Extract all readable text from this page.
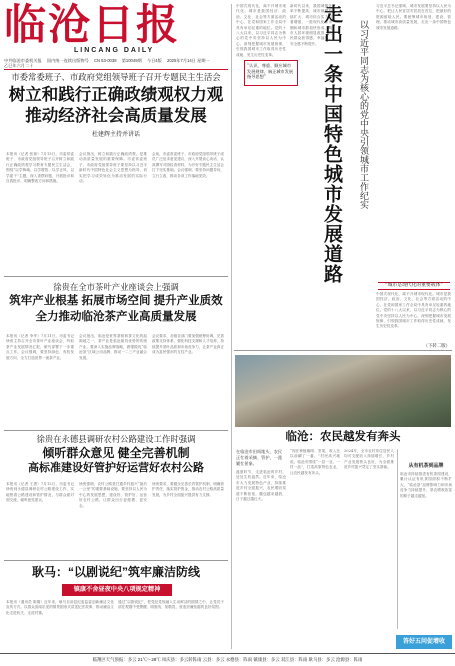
临沧日报
LINCANG DAILY
中共临沧市委机关报 国内统一连续出版物号 CN 53-0038 第10049期 今日4版 2025年7月14日 星期一 乙巳年六月二十
市委常委班子、市政府党组领导班子召开专题民主生活会
树立和践行正确政绩观权力观
推动经济社会高质量发展
杜建辉主持并讲话
本报讯（记者 张琼）7月13日，市委常委班子、市政府党组领导班子召开树立和践行正确政绩观学习教育专题民主生活会，围绕“以学铸魂、以学增智、以学正风、以学促干”主题，深入查摆问题，开展批评和自我批评，明确整改方向和措施。
会议指出，树立和践行正确政绩观，是推动高质量发展的重要保障。市委常委班子、市政府党组领导班子要坚持以习近平新时代中国特色社会主义思想为指导，切实把学习成效转化为推动发展的实际行动。
会前，市委常委班子、市政府党组领导班子成员广泛征求意见建议，深入开展谈心谈话，认真撰写对照检查材料，为开好专题民主生活会打下坚实基础。会议强调，要坚持问题导向，立行立改，推动各项工作落地见效。
徐贵在全市茶叶产业座谈会上强调
筑牢产业根基 拓展市场空间 提升产业质效
全力推动临沧茶产业高质量发展
本报讯（记者 李华）7月11日，市委书记徐贵主持召开全市茶叶产业座谈会，听取茶产业发展情况汇报，研究部署下一步重点工作。会议强调，要坚持绿色、有机发展方向，全力打造世界一流茶产业。
会议指出，临沧是世界茶树和茶文化的起源地之一，茶产业是临沧最具优势的传统产业。要深入实施品牌战略，做强做优“临沧茶”区域公用品牌，推动一二三产业融合发展。
会议要求，各级各部门要加强统筹协调，完善政策支持体系，强化科技支撑和人才培养，持续提升茶叶品质和市场竞争力，让茶产业真正成为富民强市的支柱产业。
徐贵在永德县调研农村公路建设工作时强调
倾听群众意见 健全完善机制
高标准建设好管护好运营好农村公路
本报讯（记者 王勇）7月12日，市委书记徐贵到永德县调研农村公路建设工作，实地察看公路建设和管护情况，与群众面对面交流，倾听意见建议。
徐贵强调，农村公路是打通乡村振兴“最后一公里”的重要基础设施，要坚持以人民为中心的发展思想，建设好、管护好、运营好农村公路，让群众出行更便捷、更安全。
徐贵要求，要健全完善长效管护机制，明确管护责任，落实管护资金，推动农村公路高质量发展，为乡村全面振兴提供有力支撑。
耿马：“以剧说纪”筑牢廉洁防线
镇康不舍昼夜中央八项规定精神
本报讯（通讯员 陈刚）近年来，耿马自治县纪委监委创新廉洁文化宣传方式，以群众喜闻乐见的情景剧形式讲述纪法故事，推动廉洁文化走进机关、走进村寨。
通过“以剧说纪”，把党纪党规融入生动鲜活的剧情之中，让党员干部在观剧中受警醒、明底线、知敬畏，营造崇廉拒腐的良好氛围。
中国式现代化，离不开城市现代化。城市是我国经济、政治、文化、社会等方面活动的中心，在党和国家工作全局中具有举足轻重的地位。党的十八大以来，以习近平同志为核心的党中央坚持以人民为中心，深刻把握城市发展规律，引领我国城市工作取得历史性成就、发生历史性变革。
“认识、尊重、顺应城市发展规律，端正城市发展指导思想”
新时代以来，我国城镇化率不断提高，城市规模持续扩大，城市综合实力显著增强，一批现代化都市圈和城市群加快形成，城市人居环境明显改善，人民群众获得感、幸福感、安全感不断提升。 走出一条中国特色城市发展道路 以习近平同志为核心的党中央引领城市工作纪实
习近平总书记强调，城市发展要坚持以人民为中心，把让人民宜居安居放在首位，把最好的资源留给人民。要统筹城市规划、建设、管理，推动城市高质量发展，走出一条中国特色城市发展道路。
“城市是现代化的重要载体”
中国式现代化，离不开城市现代化。城市是我国经济、政治、文化、社会等方面活动的中心，在党和国家工作全局中具有举足轻重的地位。党的十八大以来，以习近平同志为核心的党中央坚持以人民为中心，深刻把握城市发展规律，引领我国城市工作取得历史性成就、发生历史性变革。
（下转二版）
临沧：农民越发有奔头
在临沧市田间地头，农民正忙着采摘、管护，一派繁忙景象。
盛夏时节，走进临沧的乡村，处处生机盎然。近年来，临沧市大力发展特色产业，持续推进乡村全面振兴，农民增收渠道不断拓宽，腰包越来越鼓，日子越过越红火。
“现在种植咖啡、坚果，收入比以前翻了一番。”村民高兴地说。临沧市围绕“一县一业、一村一品”，打造高原特色农业，让农民越发有奔头。
2024年，全市农村常住居民人均可支配收入持续增长，乡村产业发展势头良好，为全面推进乡村振兴奠定了坚实基础。	从有机茶到品牌
临沧市持续推进有机茶园建设，累计认证有机茶园面积不断扩大，“临沧茶”品牌影响力和市场竞争力持续提升，茶农增收致富的路子越走越宽。
答好五问促增收
临翔区天气预报：多云 21℃～28℃ 凤庆县：多云转阵雨 云县：多云 永德县：阵雨 镇康县：多云 双江县：阵雨 耿马县：多云 沧源县：阵雨
